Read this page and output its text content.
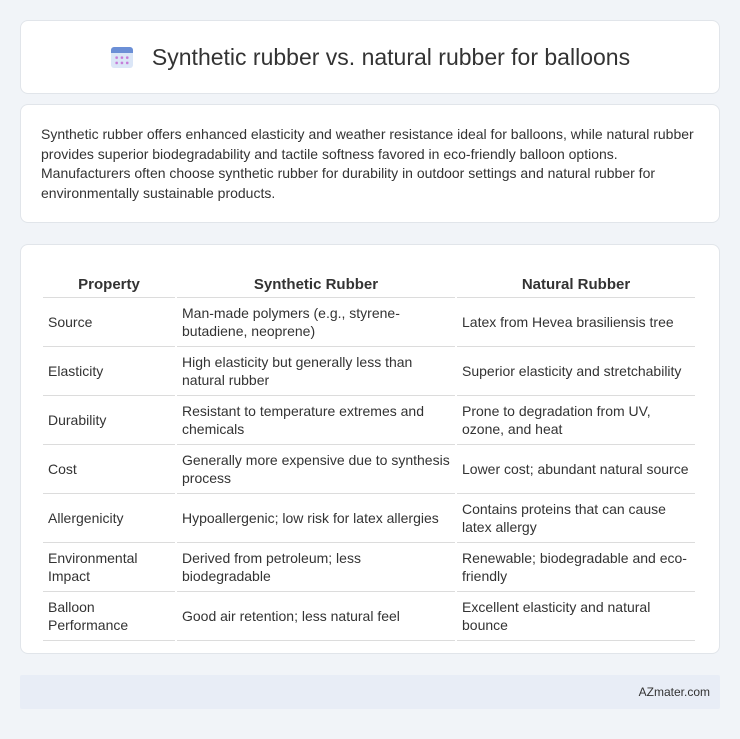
Synthetic rubber vs. natural rubber for balloons

Synthetic rubber offers enhanced elasticity and weather resistance ideal for balloons, while natural rubber provides superior biodegradability and tactile softness favored in eco-friendly balloon options. Manufacturers often choose synthetic rubber for durability in outdoor settings and natural rubber for environmentally sustainable products.

Property	Synthetic Rubber	Natural Rubber
Source	Man-made polymers (e.g., styrene-butadiene, neoprene)	Latex from Hevea brasiliensis tree
Elasticity	High elasticity but generally less than natural rubber	Superior elasticity and stretchability
Durability	Resistant to temperature extremes and chemicals	Prone to degradation from UV, ozone, and heat
Cost	Generally more expensive due to synthesis process	Lower cost; abundant natural source
Allergenicity	Hypoallergenic; low risk for latex allergies	Contains proteins that can cause latex allergy
Environmental Impact	Derived from petroleum; less biodegradable	Renewable; biodegradable and eco-friendly
Balloon Performance	Good air retention; less natural feel	Excellent elasticity and natural bounce
AZmater.com
